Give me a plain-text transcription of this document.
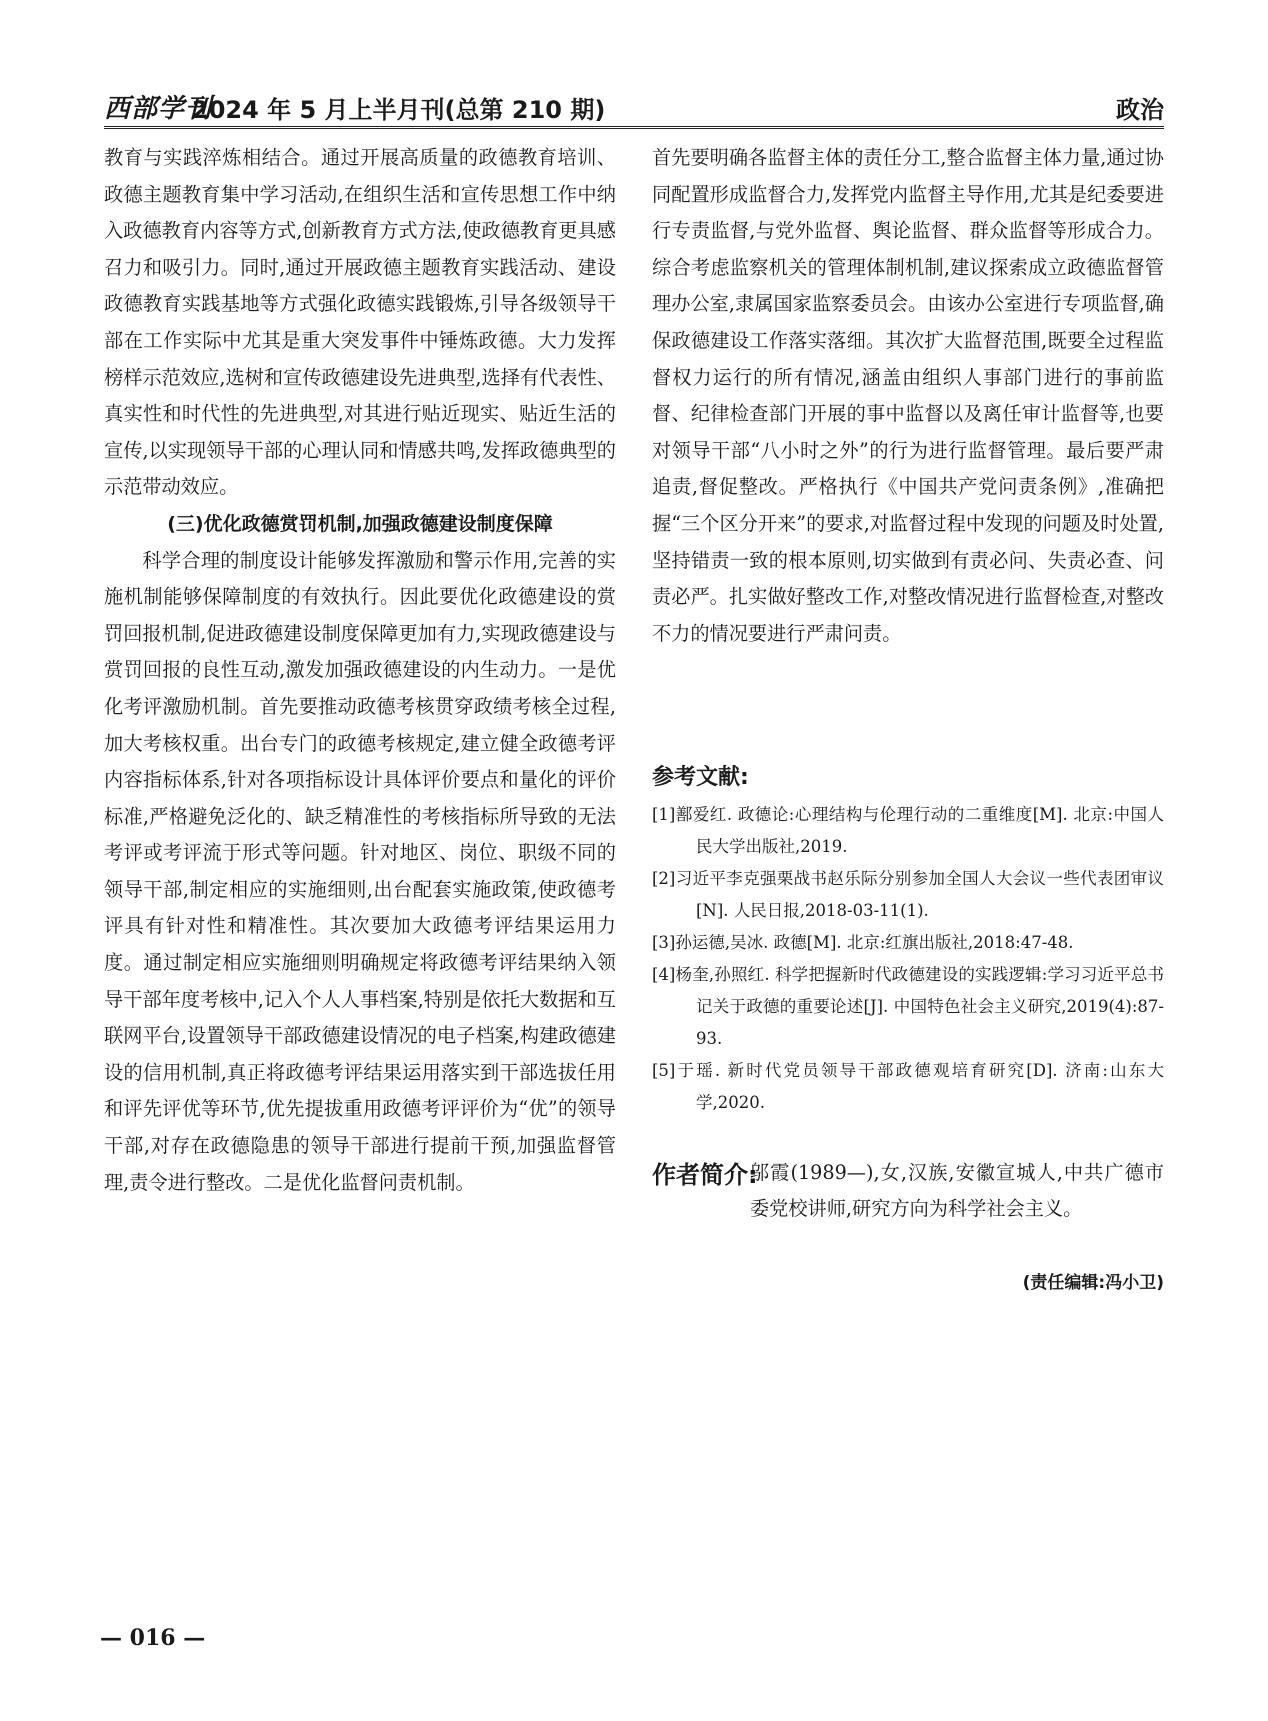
西部学刊
2024 年 5 月上半月刊(总第 210 期)	政治

教育与实践淬炼相结合。通过开展高质量的政德教育培训、政德主题教育集中学习活动,在组织生活和宣传思想工作中纳入政德教育内容等方式,创新教育方式方法,使政德教育更具感召力和吸引力。同时,通过开展政德主题教育实践活动、建设政德教育实践基地等方式强化政德实践锻炼,引导各级领导干部在工作实际中尤其是重大突发事件中锤炼政德。大力发挥榜样示范效应,选树和宣传政德建设先进典型,选择有代表性、真实性和时代性的先进典型,对其进行贴近现实、贴近生活的宣传,以实现领导干部的心理认同和情感共鸣,发挥政德典型的示范带动效应。

(三)优化政德赏罚机制,加强政德建设制度保障

科学合理的制度设计能够发挥激励和警示作用,完善的实施机制能够保障制度的有效执行。因此要优化政德建设的赏罚回报机制,促进政德建设制度保障更加有力,实现政德建设与赏罚回报的良性互动,激发加强政德建设的内生动力。一是优化考评激励机制。首先要推动政德考核贯穿政绩考核全过程,加大考核权重。出台专门的政德考核规定,建立健全政德考评内容指标体系,针对各项指标设计具体评价要点和量化的评价标准,严格避免泛化的、缺乏精准性的考核指标所导致的无法考评或考评流于形式等问题。针对地区、岗位、职级不同的领导干部,制定相应的实施细则,出台配套实施政策,使政德考评具有针对性和精准性。其次要加大政德考评结果运用力度。通过制定相应实施细则明确规定将政德考评结果纳入领导干部年度考核中,记入个人人事档案,特别是依托大数据和互联网平台,设置领导干部政德建设情况的电子档案,构建政德建设的信用机制,真正将政德考评结果运用落实到干部选拔任用和评先评优等环节,优先提拔重用政德考评评价为“优”的领导干部,对存在政德隐患的领导干部进行提前干预,加强监督管理,责令进行整改。二是优化监督问责机制。

首先要明确各监督主体的责任分工,整合监督主体力量,通过协同配置形成监督合力,发挥党内监督主导作用,尤其是纪委要进行专责监督,与党外监督、舆论监督、群众监督等形成合力。综合考虑监察机关的管理体制机制,建议探索成立政德监督管理办公室,隶属国家监察委员会。由该办公室进行专项监督,确保政德建设工作落实落细。其次扩大监督范围,既要全过程监督权力运行的所有情况,涵盖由组织人事部门进行的事前监督、纪律检查部门开展的事中监督以及离任审计监督等,也要对领导干部“八小时之外”的行为进行监督管理。最后要严肃追责,督促整改。严格执行《中国共产党问责条例》,准确把握“三个区分开来”的要求,对监督过程中发现的问题及时处置,坚持错责一致的根本原则,切实做到有责必问、失责必查、问责必严。扎实做好整改工作,对整改情况进行监督检查,对整改不力的情况要进行严肃问责。

参考文献:
[1]鄯爱红. 政德论:心理结构与伦理行动的二重维度[M]. 北京:中国人民大学出版社,2019.
[2]习近平李克强栗战书赵乐际分别参加全国人大会议一些代表团审议[N]. 人民日报,2018-03-11(1).
[3]孙运德,吴冰. 政德[M]. 北京:红旗出版社,2018:47-48.
[4]杨奎,孙照红. 科学把握新时代政德建设的实践逻辑:学习习近平总书记关于政德的重要论述[J]. 中国特色社会主义研究,2019(4):87-93.
[5]于瑶. 新时代党员领导干部政德观培育研究[D]. 济南:山东大学,2020.
作者简介:
邬霞(1989—),女,汉族,安徽宣城人,中共广德市委党校讲师,研究方向为科学社会主义。
(责任编辑:冯小卫)
— 016 —
